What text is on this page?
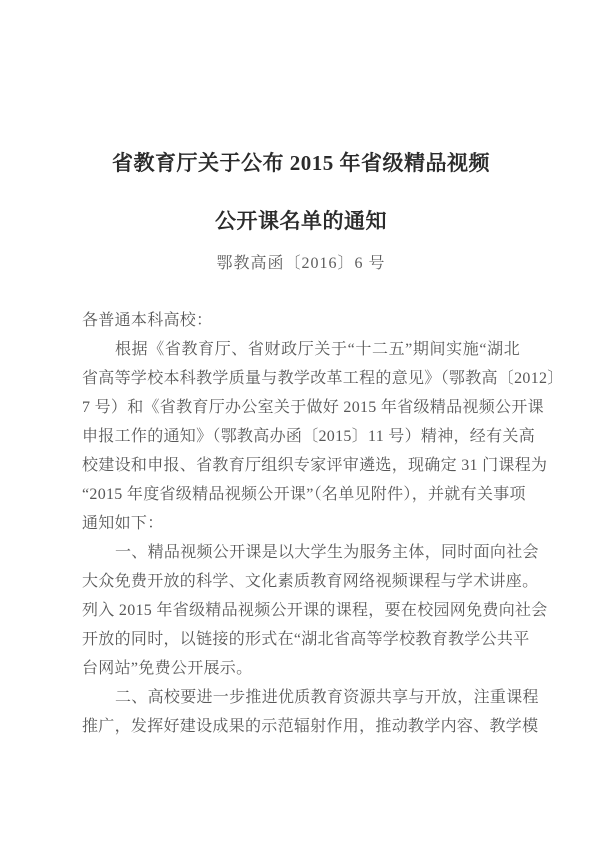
省教育厅关于公布 2015 年省级精品视频
公开课名单的通知
鄂教高函〔2016〕6 号
各普通本科高校：
根据《省教育厅、省财政厅关于“十二五”期间实施“湖北
省高等学校本科教学质量与教学改革工程的意见》（鄂教高〔2012〕
7 号）和《省教育厅办公室关于做好 2015 年省级精品视频公开课
申报工作的通知》（鄂教高办函〔2015〕11 号）精神，经有关高
校建设和申报、省教育厅组织专家评审遴选，现确定 31 门课程为
“2015 年度省级精品视频公开课”（名单见附件），并就有关事项
通知如下：
一、精品视频公开课是以大学生为服务主体，同时面向社会
大众免费开放的科学、文化素质教育网络视频课程与学术讲座。
列入 2015 年省级精品视频公开课的课程，要在校园网免费向社会
开放的同时，以链接的形式在“湖北省高等学校教育教学公共平
台网站”免费公开展示。
二、高校要进一步推进优质教育资源共享与开放，注重课程
推广，发挥好建设成果的示范辐射作用，推动教学内容、教学模
